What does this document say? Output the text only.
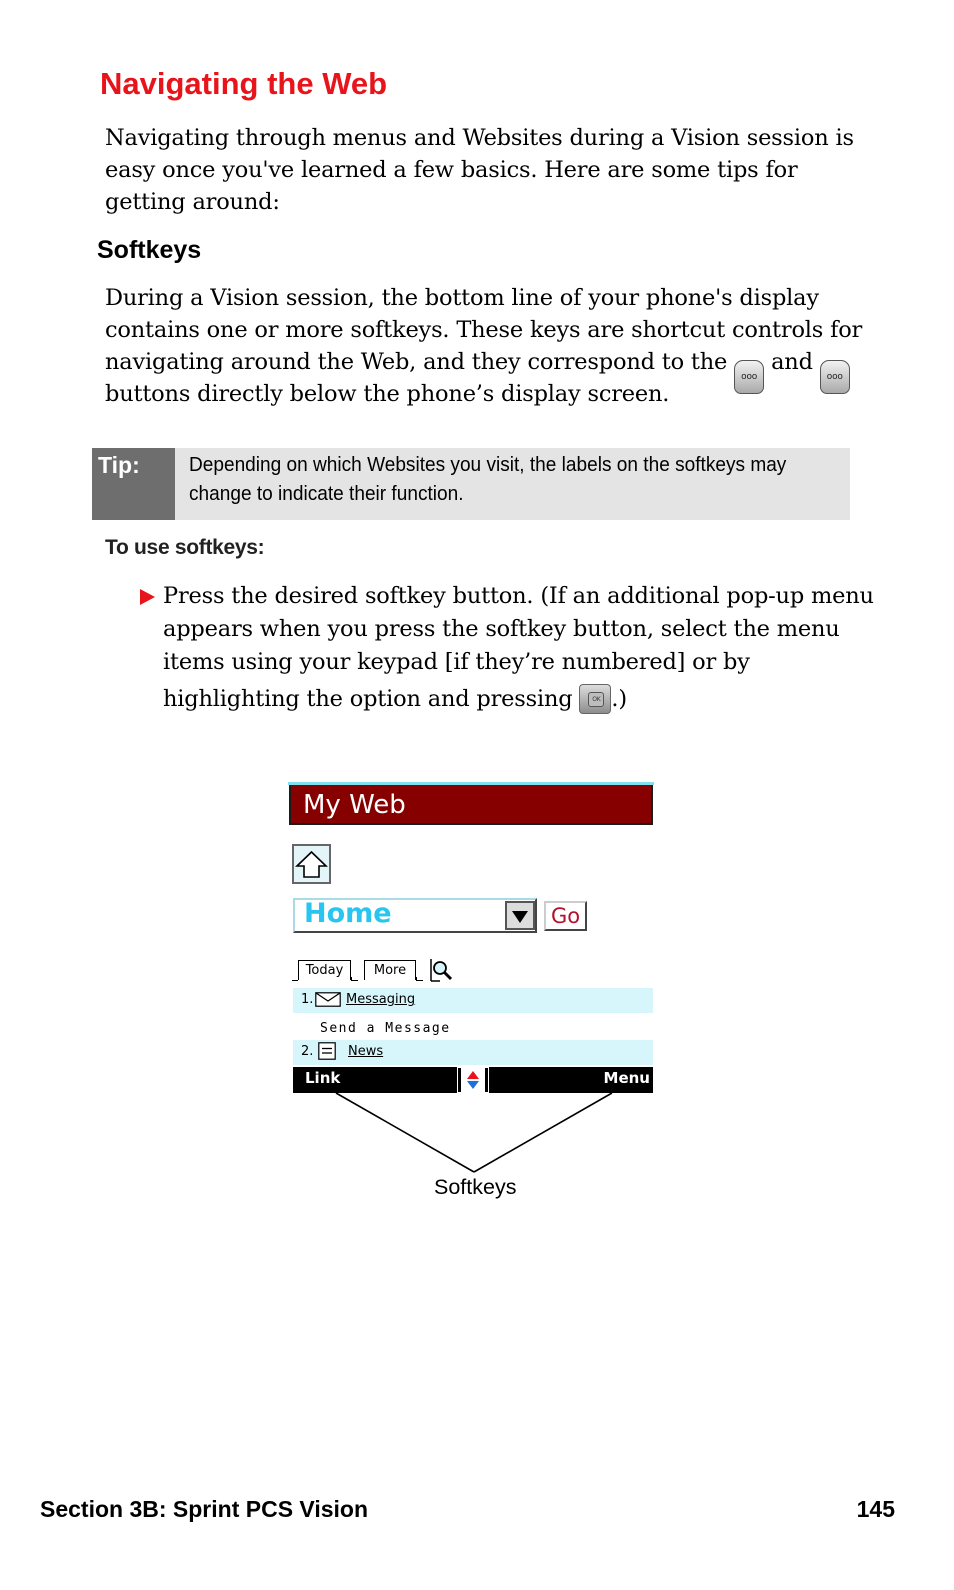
Navigating the Web
Navigating through menus and Websites during a Vision session is
easy once you've learned a few basics. Here are some tips for
getting around:
Softkeys
During a Vision session, the bottom line of your phone's display
contains one or more softkeys. These keys are shortcut controls for
navigating around the Web, and they correspond to the ooo and ooo
buttons directly below the phone’s display screen.
Tip: Depending on which Websites you visit, the labels on the softkeys may
change to indicate their function.
To use softkeys:
Press the desired softkey button. (If an additional pop-up menu
appears when you press the softkey button, select the menu
items using your keypad [if they’re numbered] or by
highlighting the option and pressing	OK .)
My Web
Home	Go
Today	More
1.	Messaging
Send a Message
2.	News
Link	Menu
Softkeys
Section 3B: Sprint PCS Vision	145
